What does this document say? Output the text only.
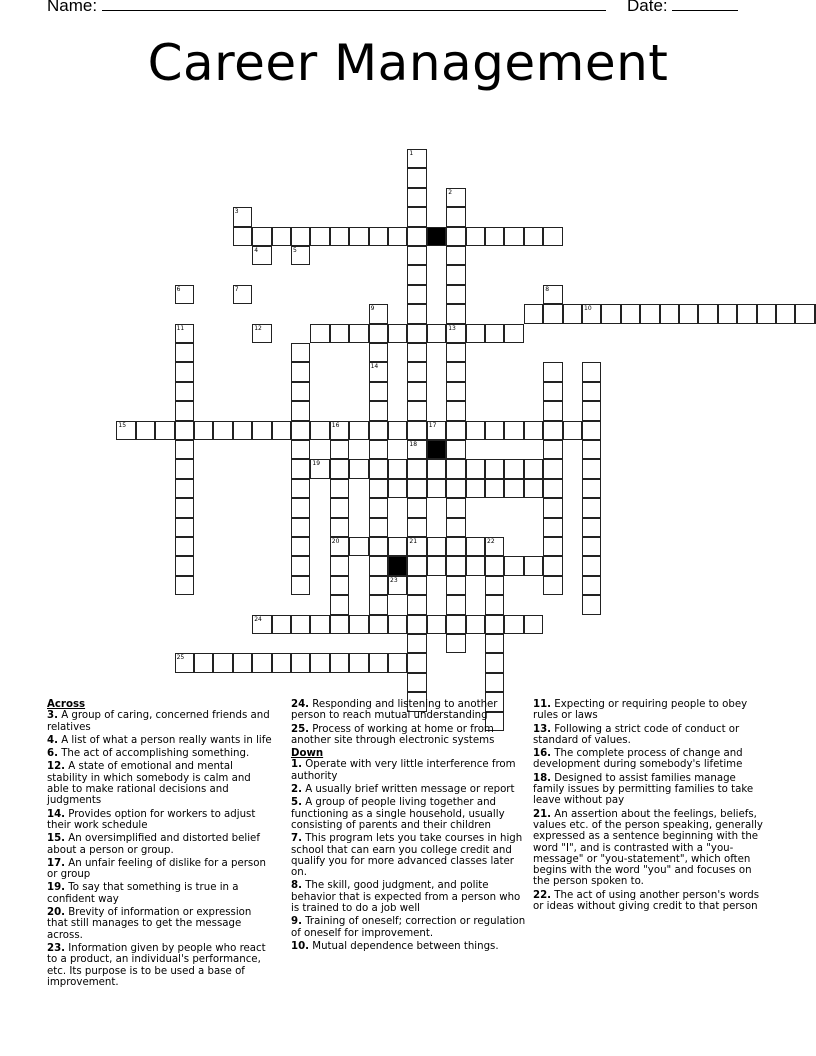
Name:	Date:
Career Management
1
18
21
2
13
10
14
15	16	17
20
19
22
24
25
3
4	5
6	7	8
9
11	12
23
Across
3. A group of caring, concerned friends and relatives
4. A list of what a person really wants in life
6. The act of accomplishing something.
12. A state of emotional and mental stability in which somebody is calm and able to make rational decisions and judgments
14. Provides option for workers to adjust their work schedule
15. An oversimplified and distorted belief about a person or group.
17. An unfair feeling of dislike for a person or group
19. To say that something is true in a confident way
20. Brevity of information or expression that still manages to get the message across.
23. Information given by people who react to a product, an individual's performance, etc. Its purpose is to be used a base of improvement.
24. Responding and listening to another person to reach mutual understanding
25. Process of working at home or from another site through electronic systems
Down
1. Operate with very little interference from authority
2. A usually brief written message or report
5. A group of people living together and functioning as a single household, usually consisting of parents and their children
7. This program lets you take courses in high school that can earn you college credit and qualify you for more advanced classes later on.
8. The skill, good judgment, and polite behavior that is expected from a person who is trained to do a job well
9. Training of oneself; correction or regulation of oneself for improvement.
10. Mutual dependence between things.
11. Expecting or requiring people to obey rules or laws
13. Following a strict code of conduct or standard of values.
16. The complete process of change and development during somebody's lifetime
18. Designed to assist families manage family issues by permitting families to take leave without pay
21. An assertion about the feelings, beliefs, values etc. of the person speaking, generally expressed as a sentence beginning with the word "I", and is contrasted with a "you-message" or "you-statement", which often begins with the word "you" and focuses on the person spoken to.
22. The act of using another person's words or ideas without giving credit to that person
